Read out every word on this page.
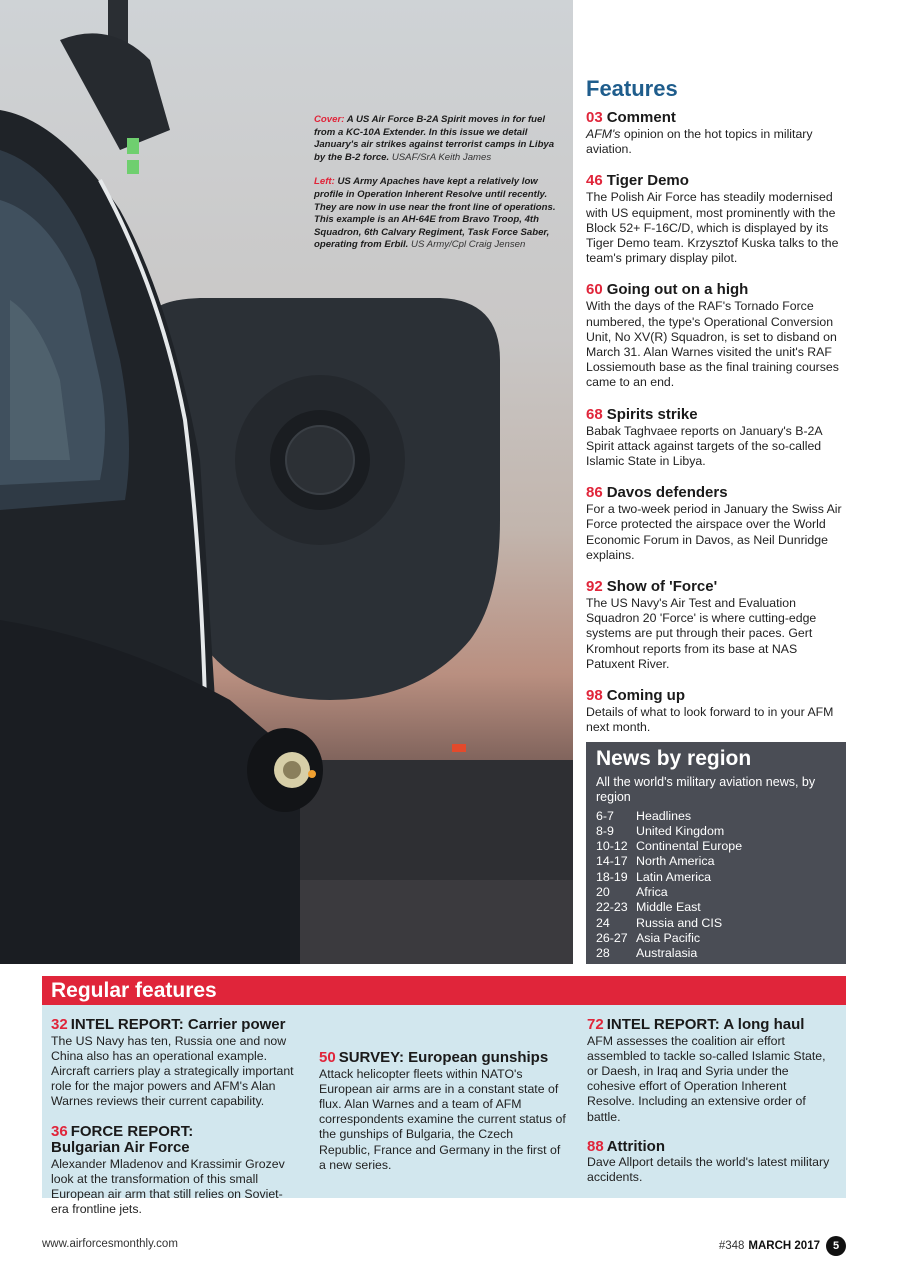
Cover: A US Air Force B-2A Spirit moves in for fuel from a KC-10A Extender. In this issue we detail January's air strikes against terrorist camps in Libya by the B-2 force. USAF/SrA Keith James

Left: US Army Apaches have kept a relatively low profile in Operation Inherent Resolve until recently. They are now in use near the front line of operations. This example is an AH-64E from Bravo Troop, 4th Squadron, 6th Calvary Regiment, Task Force Saber, operating from Erbil. US Army/Cpl Craig Jensen

Features
03 Comment
AFM's opinion on the hot topics in military aviation.
46 Tiger Demo
The Polish Air Force has steadily modernised with US equipment, most prominently with the Block 52+ F-16C/D, which is displayed by its Tiger Demo team. Krzysztof Kuska talks to the team's primary display pilot.
60 Going out on a high
With the days of the RAF's Tornado Force numbered, the type's Operational Conversion Unit, No XV(R) Squadron, is set to disband on March 31. Alan Warnes visited the unit's RAF Lossiemouth base as the final training courses came to an end.
68 Spirits strike
Babak Taghvaee reports on January's B-2A Spirit attack against targets of the so-called Islamic State in Libya.
86 Davos defenders
For a two-week period in January the Swiss Air Force protected the airspace over the World Economic Forum in Davos, as Neil Dunridge explains.
92 Show of 'Force'
The US Navy's Air Test and Evaluation Squadron 20 'Force' is where cutting-edge systems are put through their paces. Gert Kromhout reports from its base at NAS Patuxent River.
98 Coming up
Details of what to look forward to in your AFM next month.
News by region
All the world's military aviation news, by region
6-7	Headlines
8-9	United Kingdom
10-12 Continental Europe
14-17 North America
18-19 Latin America
20	Africa
22-23 Middle East
24	Russia and CIS
26-27 Asia Pacific
28	Australasia
Regular features
32 INTEL REPORT: Carrier power
The US Navy has ten, Russia one and now China also has an operational example. Aircraft carriers play a strategically important role for the major powers and AFM's Alan Warnes reviews their current capability.
36 FORCE REPORT: Bulgarian Air Force
Alexander Mladenov and Krassimir Grozev look at the transformation of this small European air arm that still relies on Soviet-era frontline jets.
50 SURVEY: European gunships
Attack helicopter fleets within NATO's European air arms are in a constant state of flux. Alan Warnes and a team of AFM correspondents examine the current status of the gunships of Bulgaria, the Czech Republic, France and Germany in the first of a new series.
72 INTEL REPORT: A long haul
AFM assesses the coalition air effort assembled to tackle so-called Islamic State, or Daesh, in Iraq and Syria under the cohesive effort of Operation Inherent Resolve. Including an extensive order of battle.
88 Attrition
Dave Allport details the world's latest military accidents.
www.airforcesmonthly.com	#348 MARCH 2017	5
